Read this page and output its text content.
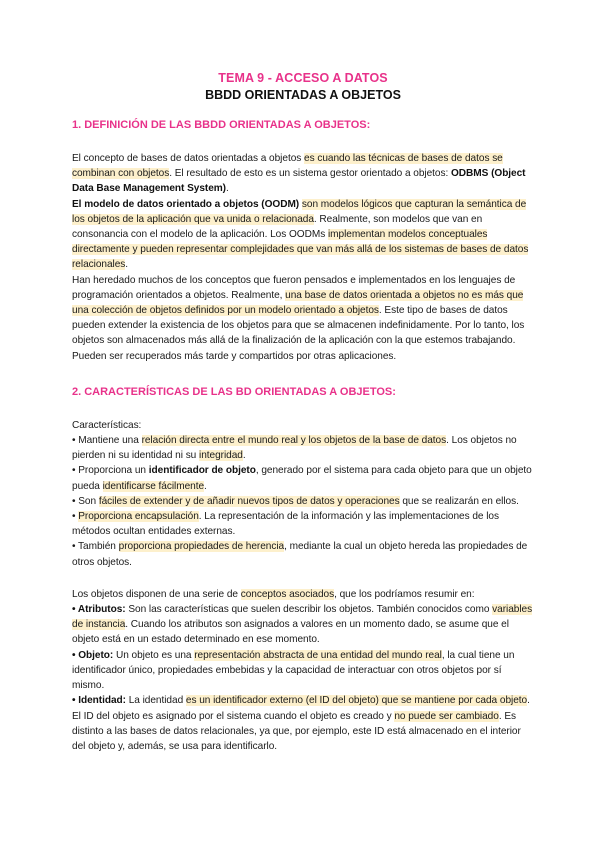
TEMA 9 - ACCESO A DATOS
BBDD ORIENTADAS A OBJETOS
1. DEFINICIÓN DE LAS BBDD ORIENTADAS A OBJETOS:

El concepto de bases de datos orientadas a objetos es cuando las técnicas de bases de datos se combinan con objetos. El resultado de esto es un sistema gestor orientado a objetos: ODBMS (Object Data Base Management System).

El modelo de datos orientado a objetos (OODM) son modelos lógicos que capturan la semántica de los objetos de la aplicación que va unida o relacionada. Realmente, son modelos que van en consonancia con el modelo de la aplicación. Los OODMs implementan modelos conceptuales directamente y pueden representar complejidades que van más allá de los sistemas de bases de datos relacionales.

Han heredado muchos de los conceptos que fueron pensados e implementados en los lenguajes de programación orientados a objetos. Realmente, una base de datos orientada a objetos no es más que una colección de objetos definidos por un modelo orientado a objetos. Este tipo de bases de datos pueden extender la existencia de los objetos para que se almacenen indefinidamente. Por lo tanto, los objetos son almacenados más allá de la finalización de la aplicación con la que estemos trabajando. Pueden ser recuperados más tarde y compartidos por otras aplicaciones.

2. CARACTERÍSTICAS DE LAS BD ORIENTADAS A OBJETOS:

Características:

• Mantiene una relación directa entre el mundo real y los objetos de la base de datos. Los objetos no pierden ni su identidad ni su integridad.

• Proporciona un identificador de objeto, generado por el sistema para cada objeto para que un objeto pueda identificarse fácilmente.

• Son fáciles de extender y de añadir nuevos tipos de datos y operaciones que se realizarán en ellos.

• Proporciona encapsulación. La representación de la información y las implementaciones de los métodos ocultan entidades externas.

• También proporciona propiedades de herencia, mediante la cual un objeto hereda las propiedades de otros objetos.

Los objetos disponen de una serie de conceptos asociados, que los podríamos resumir en:

• Atributos: Son las características que suelen describir los objetos. También conocidos como variables de instancia. Cuando los atributos son asignados a valores en un momento dado, se asume que el objeto está en un estado determinado en ese momento.

• Objeto: Un objeto es una representación abstracta de una entidad del mundo real, la cual tiene un identificador único, propiedades embebidas y la capacidad de interactuar con otros objetos por sí mismo.

• Identidad: La identidad es un identificador externo (el ID del objeto) que se mantiene por cada objeto. El ID del objeto es asignado por el sistema cuando el objeto es creado y no puede ser cambiado. Es distinto a las bases de datos relacionales, ya que, por ejemplo, este ID está almacenado en el interior del objeto y, además, se usa para identificarlo.
